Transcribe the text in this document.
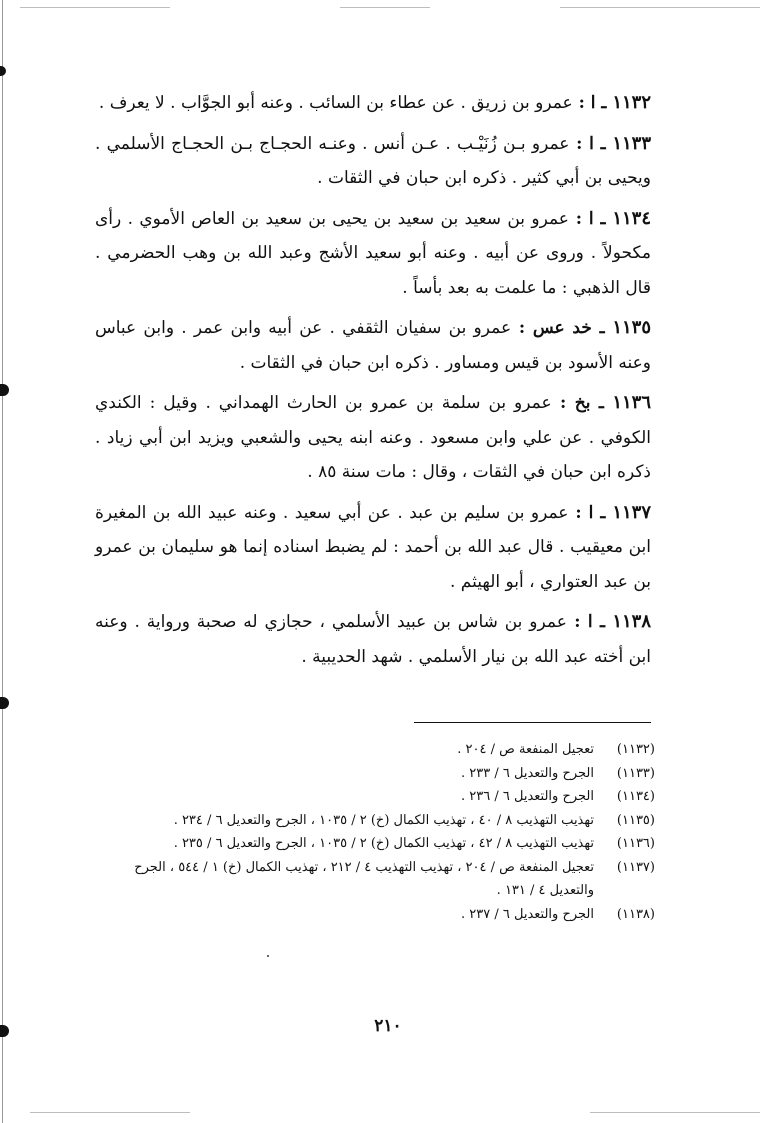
١١٣٢ ـ ا : عمرو بن زريق . عن عطاء بن السائب . وعنه أبو الجوَّاب . لا يعرف .

١١٣٣ ـ ا : عمرو بـن زُنَيْـب . عـن أنس . وعنـه الحجـاج بـن الحجـاج الأسلمي . ويحيى بن أبي كثير . ذكره ابن حبان في الثقات .

١١٣٤ ـ ا : عمرو بن سعيد بن سعيد بن يحيى بن سعيد بن العاص الأموي . رأى مكحولاً . وروى عن أبيه . وعنه أبو سعيد الأشج وعبد الله بن وهب الحضرمي . قال الذهبي : ما علمت به بعد بأساً .

١١٣٥ ـ خد عس : عمرو بن سفيان الثقفي . عن أبيه وابن عمر . وابن عباس وعنه الأسود بن قيس ومساور . ذكره ابن حبان في الثقات .

١١٣٦ ـ بخ : عمرو بن سلمة بن عمرو بن الحارث الهمداني . وقيل : الكندي الكوفي . عن علي وابن مسعود . وعنه ابنه يحيى والشعبي ويزيد ابن أبي زياد . ذكره ابن حبان في الثقات ، وقال : مات سنة ٨٥ .

١١٣٧ ـ ا : عمرو بن سليم بن عبد . عن أبي سعيد . وعنه عبيد الله بن المغيرة ابن معيقيب . قال عبد الله بن أحمد : لم يضبط اسناده إنما هو سليمان بن عمرو بن عبد العتواري ، أبو الهيثم .

١١٣٨ ـ ا : عمرو بن شاس بن عبيد الأسلمي ، حجازي له صحبة ورواية . وعنه ابن أخته عبد الله بن نيار الأسلمي . شهد الحديبية .

(١١٣٢)
تعجيل المنفعة ص / ٢٠٤ .
(١١٣٣)
الجرح والتعديل ٦ / ٢٣٣ .
(١١٣٤)
الجرح والتعديل ٦ / ٢٣٦ .
(١١٣٥)
تهذيب التهذيب ٨ / ٤٠ ، تهذيب الكمال (خ) ٢ / ١٠٣٥ ، الجرح والتعديل ٦ / ٢٣٤ .
(١١٣٦)
تهذيب التهذيب ٨ / ٤٢ ، تهذيب الكمال (خ) ٢ / ١٠٣٥ ، الجرح والتعديل ٦ / ٢٣٥ .
(١١٣٧)
تعجيل المنفعة ص / ٢٠٤ ، تهذيب التهذيب ٤ / ٢١٢ ، تهذيب الكمال (خ) ١ / ٥٤٤ ، الجرح والتعديل ٤ / ١٣١ .
(١١٣٨)
الجرح والتعديل ٦ / ٢٣٧ .
٢١٠
